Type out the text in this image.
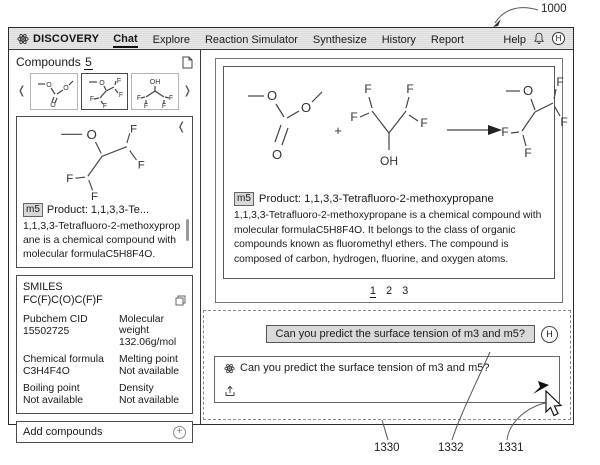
1000
1330	1332	1331
DISCOVERY Chat Explore Reaction Simulator Synthesize History Report	Help	H
Compounds 5
❬	O O
O
O F
F
F
F
OH
F
F
F
F
❭
❬
O	F
F
F
F
m5 Product: 1,1,3,3-Te...
1,1,3,3-Tetrafluoro-2-methoxypropane is a chemical compound with molecular formulaC5H8F4O.
SMILES
FC(F)C(O)C(F)F
Pubchem CID
15502725
Molecular weight
132.06g/mol
Chemical formula
C3H4F4O
Melting point
Not available
Boiling point
Not available
Density
Not available
Add compounds	+
O
O
O
+
F	F
F	F
OH
O
F
F
F
F
m5 Product: 1,1,3,3-Tetrafluoro-2-methoxypropane
1,1,3,3-Tetrafluoro-2-methoxypropane is a chemical compound with molecular formulaC5H8F4O. It belongs to the class of organic compounds known as fluoromethyl ethers. The compound is composed of carbon, hydrogen, fluorine, and oxygen atoms.
1 2 3
Can you predict the surface tension of m3 and m5?	H
Can you predict the surface tension of m3 and m5?
